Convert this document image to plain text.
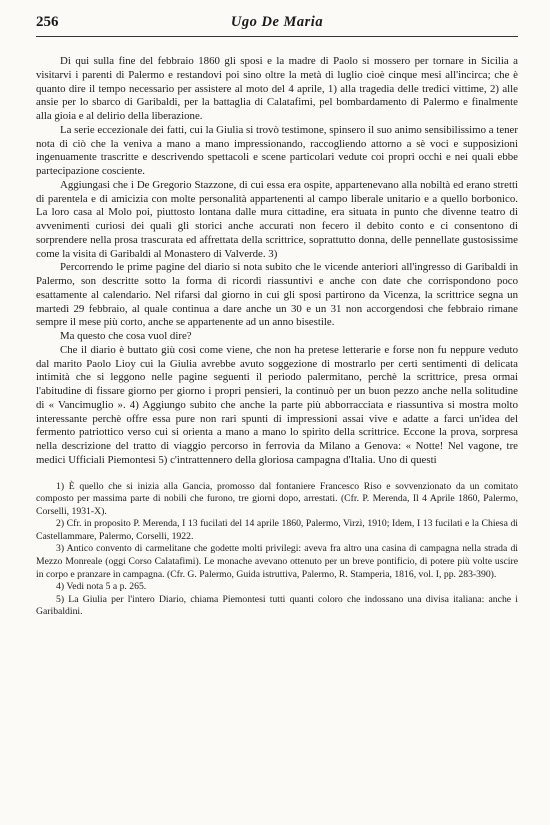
256	Ugo De Maria

Di qui sulla fine del febbraio 1860 gli sposi e la madre di Paolo si mossero per tornare in Sicilia a visitarvi i parenti di Palermo e restandovi poi sino oltre la metà di luglio cioè cinque mesi all'incirca; che è quanto dire il tempo necessario per assistere al moto del 4 aprile, 1) alla tragedia delle tredici vittime, 2) alle ansie per lo sbarco di Garibaldi, per la battaglia di Calatafimi, pel bombardamento di Palermo e finalmente alla gioia e al delirio della liberazione.

La serie eccezionale dei fatti, cui la Giulia si trovò testimone, spinsero il suo animo sensibilissimo a tener nota di ciò che la veniva a mano a mano impressionando, raccogliendo attorno a sè voci e supposizioni ingenuamente trascritte e descrivendo spettacoli e scene particolari vedute coi propri occhi e nei quali ebbe partecipazione cosciente.

Aggiungasi che i De Gregorio Stazzone, di cui essa era ospite, appartenevano alla nobiltà ed erano stretti di parentela e di amicizia con molte personalità appartenenti al campo liberale unitario e a quello borbonico. La loro casa al Molo poi, piuttosto lontana dalle mura cittadine, era situata in punto che divenne teatro di avvenimenti curiosi dei quali gli storici anche accurati non fecero il debito conto e ci consentono di sorprendere nella prosa trascurata ed affrettata della scrittrice, soprattutto donna, delle pennellate gustosissime come la visita di Garibaldi al Monastero di Valverde. 3)

Percorrendo le prime pagine del diario si nota subito che le vicende anteriori all'ingresso di Garibaldi in Palermo, son descritte sotto la forma di ricordi riassuntivi e anche con date che corrispondono poco esattamente al calendario. Nel rifarsi dal giorno in cui gli sposi partirono da Vicenza, la scrittrice segna un martedì 29 febbraio, al quale continua a dare anche un 30 e un 31 non accorgendosi che febbraio rimane sempre il mese più corto, anche se appartenente ad un anno bisestile.

Ma questo che cosa vuol dire?

Che il diario è buttato giù così come viene, che non ha pretese letterarie e forse non fu neppure veduto dal marito Paolo Lioy cui la Giulia avrebbe avuto soggezione di mostrarlo per certi sentimenti di delicata intimità che si leggono nelle pagine seguenti il periodo palermitano, perchè la scrittrice, presa ormai l'abitudine di fissare giorno per giorno i propri pensieri, la continuò per un buon pezzo anche nella solitudine di « Vancimuglio ». 4) Aggiungo subito che anche la parte più abborracciata e riassuntiva si mostra molto interessante perchè offre essa pure non rari spunti di impressioni assai vive e adatte a farci un'idea del fermento patriottico verso cui si orienta a mano a mano lo spirito della scrittrice. Eccone la prova, sorpresa nella descrizione del tratto di viaggio percorso in ferrovia da Milano a Genova: « Notte! Nel vagone, tre medici Ufficiali Piemontesi 5) c'intrattennero della gloriosa campagna d'Italia. Uno di questi

1) È quello che si inizia alla Gancia, promosso dal fontaniere Francesco Riso e sovvenzionato da un comitato composto per massima parte di nobili che furono, tre giorni dopo, arrestati. (Cfr. P. Merenda, Il 4 Aprile 1860, Palermo, Corselli, 1931-X).

2) Cfr. in proposito P. Merenda, I 13 fucilati del 14 aprile 1860, Palermo, Virzì, 1910; Idem, I 13 fucilati e la Chiesa di Castellammare, Palermo, Corselli, 1922.

3) Antico convento di carmelitane che godette molti privilegi: aveva fra altro una casina di campagna nella strada di Mezzo Monreale (oggi Corso Calatafimi). Le monache avevano ottenuto per un breve pontificio, di potere più volte uscire in corpo e pranzare in campagna. (Cfr. G. Palermo, Guida istruttiva, Palermo, R. Stamperia, 1816, vol. I, pp. 283-390).

4) Vedi nota 5 a p. 265.

5) La Giulia per l'intero Diario, chiama Piemontesi tutti quanti coloro che indossano una divisa italiana: anche i Garibaldini.
